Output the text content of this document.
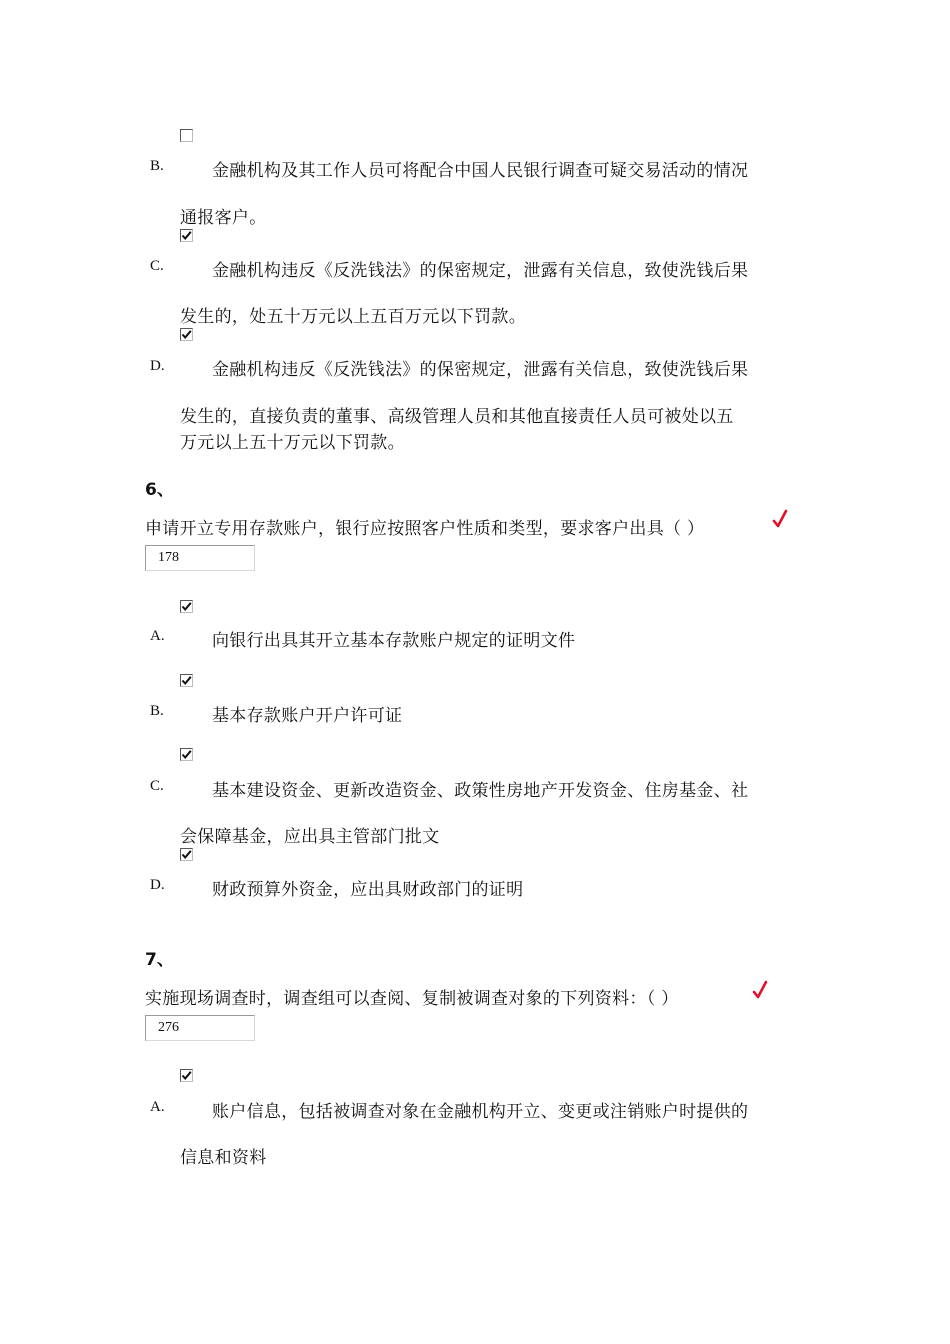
B.	金融机构及其工作人员可将配合中国人民银行调查可疑交易活动的情况
通报客户。
C.	金融机构违反《反洗钱法》的保密规定，泄露有关信息，致使洗钱后果
发生的，处五十万元以上五百万元以下罚款。
D.	金融机构违反《反洗钱法》的保密规定，泄露有关信息，致使洗钱后果
发生的，直接负责的董事、高级管理人员和其他直接责任人员可被处以五
万元以上五十万元以下罚款。
6、
申请开立专用存款账户，银行应按照客户性质和类型，要求客户出具（ ）
178
A.	向银行出具其开立基本存款账户规定的证明文件
B.	基本存款账户开户许可证
C.	基本建设资金、更新改造资金、政策性房地产开发资金、住房基金、社
会保障基金，应出具主管部门批文
D.	财政预算外资金，应出具财政部门的证明
7、
实施现场调查时，调查组可以查阅、复制被调查对象的下列资料：（ ）
276
A.	账户信息，包括被调查对象在金融机构开立、变更或注销账户时提供的
信息和资料
